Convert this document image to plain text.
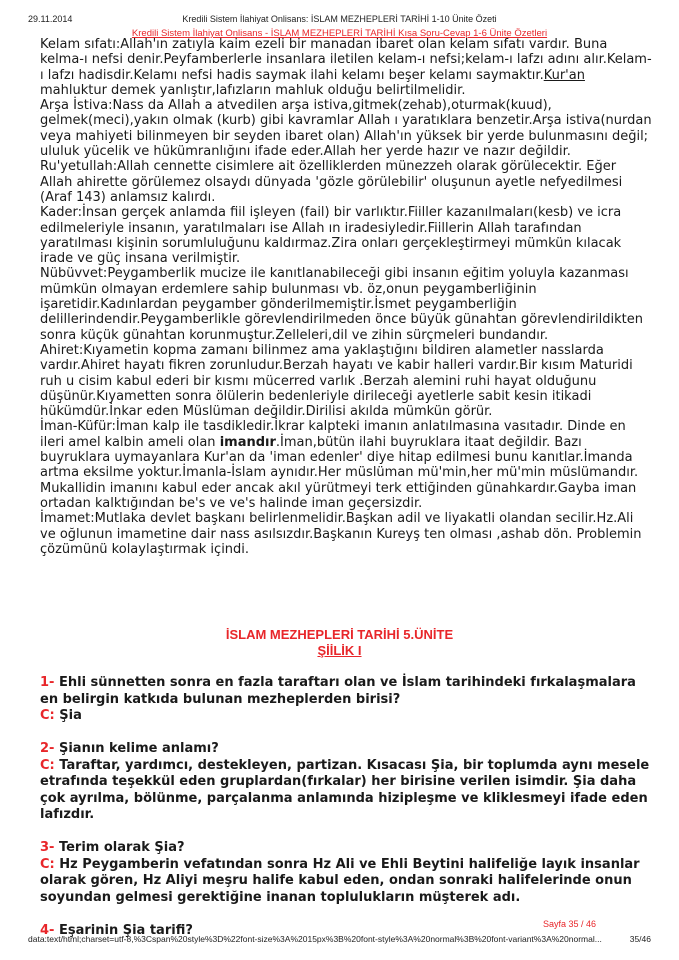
29.11.2014	Kredili Sistem İlahiyat Onlisans: İSLAM MEZHEPLERİ TARİHİ 1-10 Ünite Özeti
Kredili Sistem İlahiyat Onlisans - İSLAM MEZHEPLERİ TARİHİ Kısa Soru-Cevap 1-6 Ünite Özetleri

Kelam sıfatı:Allah'ın zatıyla kaim ezeli bir manadan ibaret olan kelam sıfatı vardır. Buna kelma-ı nefsi denir.Peyfamberlerle insanlara iletilen kelam-ı nefsi;kelam-ı lafzı adını alır.Kelam-ı lafzı hadisdir.Kelamı nefsi hadis saymak ilahi kelamı beşer kelamı saymaktır.Kur'an mahluktur demek yanlıştır,lafızların mahluk olduğu belirtilmelidir.

Arşa İstiva:Nass da Allah a atvedilen arşa istiva,gitmek(zehab),oturmak(kuud), gelmek(meci),yakın olmak (kurb) gibi kavramlar Allah ı yaratıklara benzetir.Arşa istiva(nurdan veya mahiyeti bilinmeyen bir seyden ibaret olan) Allah'ın yüksek bir yerde bulunmasını değil; ululuk yücelik ve hükümranlığını ifade eder.Allah her yerde hazır ve nazır değildir.

Ru'yetullah:Allah cennette cisimlere ait özelliklerden münezzeh olarak görülecektir. Eğer Allah ahirette görülemez olsaydı dünyada 'gözle görülebilir' oluşunun ayetle nefyedilmesi (Araf 143) anlamsız kalırdı.

Kader:İnsan gerçek anlamda fiil işleyen (fail) bir varlıktır.Fiiller kazanılmaları(kesb) ve icra edilmeleriyle insanın, yaratılmaları ise Allah ın iradesiyledir.Fiillerin Allah tarafından yaratılması kişinin sorumluluğunu kaldırmaz.Zira onları gerçekleştirmeyi mümkün kılacak irade ve güç insana verilmiştir.

Nübüvvet:Peygamberlik mucize ile kanıtlanabileceği gibi insanın eğitim yoluyla kazanması mümkün olmayan erdemlere sahip bulunması vb. öz,onun peygamberliğinin işaretidir.Kadınlardan peygamber gönderilmemiştir.İsmet peygamberliğin delillerindendir.Peygamberlikle görevlendirilmeden önce büyük günahtan görevlendirildikten sonra küçük günahtan korunmuştur.Zelleleri,dil ve zihin sürçmeleri bundandır.

Ahiret:Kıyametin kopma zamanı bilinmez ama yaklaştığını bildiren alametler nasslarda vardır.Ahiret hayatı fikren zorunludur.Berzah hayatı ve kabir halleri vardır.Bir kısım Maturidi ruh u cisim kabul ederi bir kısmı mücerred varlık .Berzah alemini ruhi hayat olduğunu düşünür.Kıyametten sonra ölülerin bedenleriyle dirileceği ayetlerle sabit kesin itikadi hükümdür.İnkar eden Müslüman değildir.Dirilisi akılda mümkün görür.

İman-Küfür:İman kalp ile tasdikledir.İkrar kalpteki imanın anlatılmasına vasıtadır. Dinde en ileri amel kalbin ameli olan imandır.İman,bütün ilahi buyruklara itaat değildir. Bazı buyruklara uymayanlara Kur'an da 'iman edenler' diye hitap edilmesi bunu kanıtlar.İmanda artma eksilme yoktur.İmanla-İslam aynıdır.Her müslüman mü'min,her mü'min müslümandır. Mukallidin imanını kabul eder ancak akıl yürütmeyi terk ettiğinden günahkardır.Gayba iman ortadan kalktığından be's ve ve's halinde iman geçersizdir.

İmamet:Mutlaka devlet başkanı belirlenmelidir.Başkan adil ve liyakatli olandan secilir.Hz.Ali ve oğlunun imametine dair nass asılsızdır.Başkanın Kureyş ten olması ,ashab dön. Problemin çözümünü kolaylaştırmak içindi.

İSLAM MEZHEPLERİ TARİHİ 5.ÜNİTE
ŞİİLİK I
1- Ehli sünnetten sonra en fazla taraftarı olan ve İslam tarihindeki fırkalaşmalara en belirgin katkıda bulunan mezheplerden birisi?
C: Şia
2- Şianın kelime anlamı?
C: Taraftar, yardımcı, destekleyen, partizan. Kısacası Şia, bir toplumda aynı mesele etrafında teşekkül eden gruplardan(fırkalar) her birisine verilen isimdir. Şia daha çok ayrılma, bölünme, parçalanma anlamında hizipleşme ve kliklesmeyi ifade eden lafızdır.
3- Terim olarak Şia?
C: Hz Peygamberin vefatından sonra Hz Ali ve Ehli Beytini halifeliğe layık insanlar olarak gören, Hz Aliyi meşru halife kabul eden, ondan sonraki halifelerinde onun soyundan gelmesi gerektiğine inanan toplulukların müşterek adı.
4- Eşarinin Şia tarifi?	Sayfa 35 / 46
data:text/html;charset=utf-8,%3Cspan%20style%3D%22font-size%3A%2015px%3B%20font-style%3A%20normal%3B%20font-variant%3A%20normal...	35/46
